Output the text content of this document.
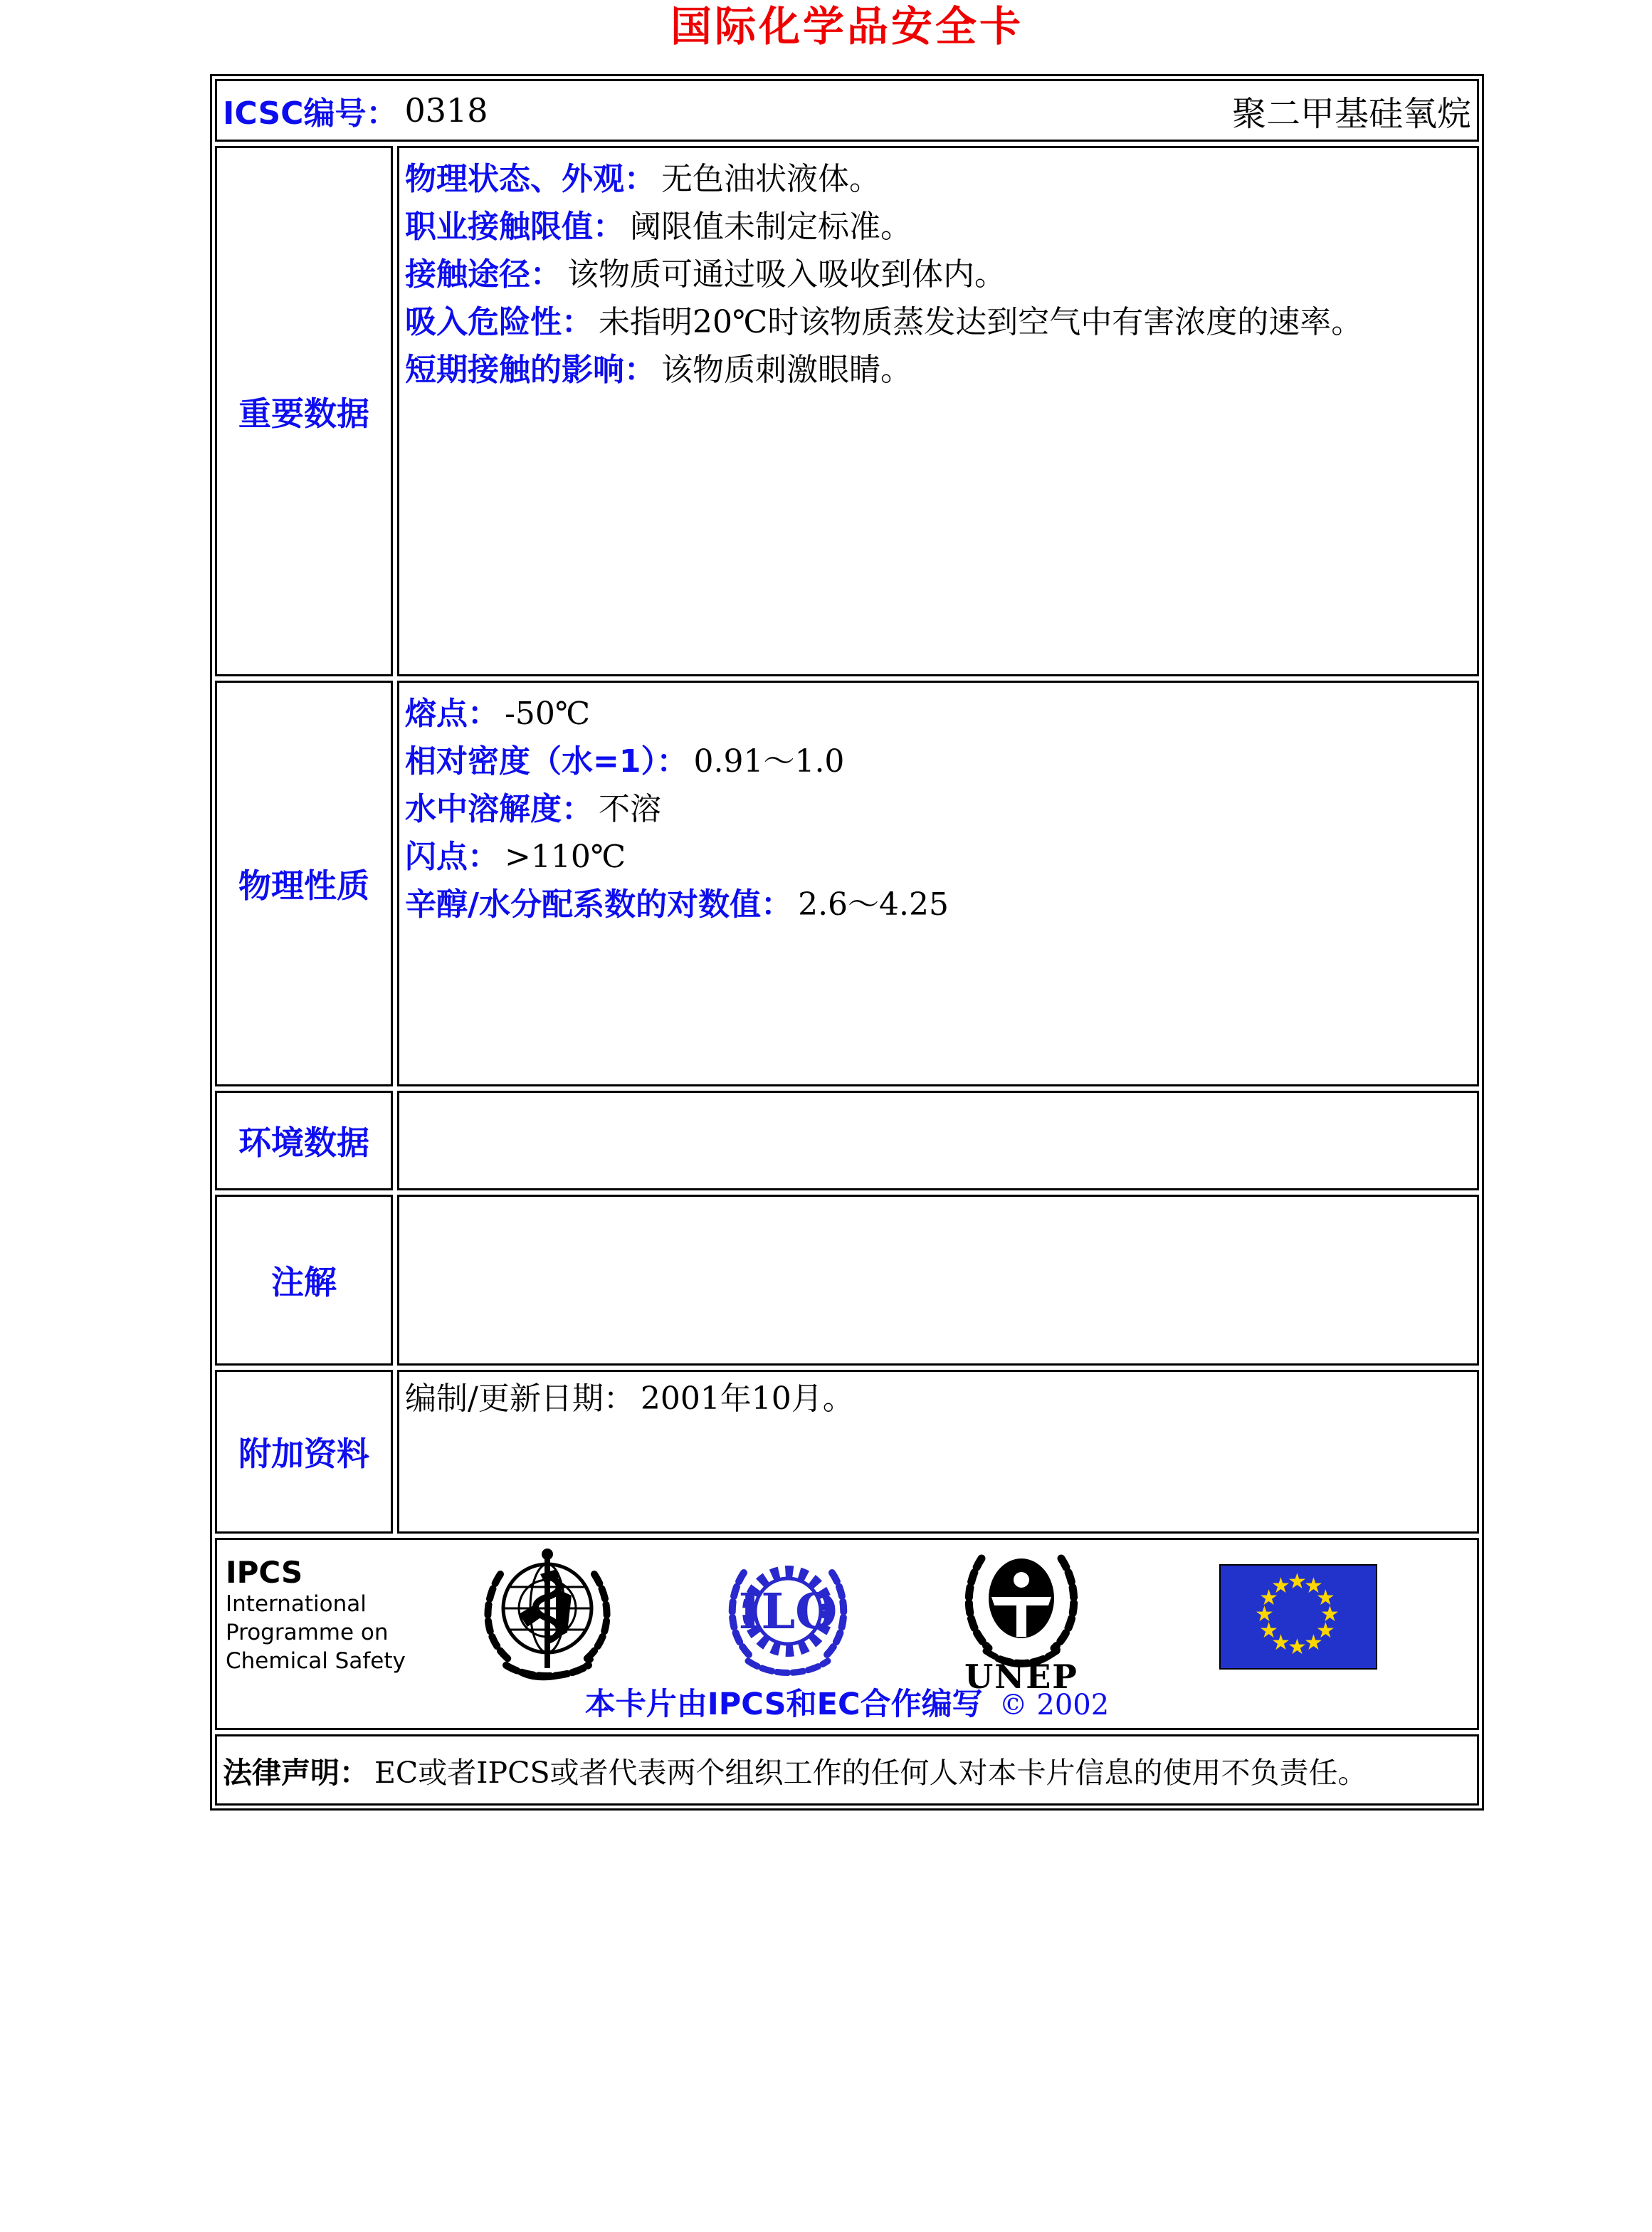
国际化学品安全卡
ICSC编号： 0318	聚二甲基硅氧烷
重要数据
物理状态、外观： 无色油状液体。
职业接触限值： 阈限值未制定标准。
接触途径： 该物质可通过吸入吸收到体内。
吸入危险性： 未指明20℃时该物质蒸发达到空气中有害浓度的速率。
短期接触的影响： 该物质刺激眼睛。
物理性质
熔点： -50℃
相对密度（水=1）： 0.91～1.0
水中溶解度： 不溶
闪点： >110℃
辛醇/水分配系数的对数值： 2.6～4.25
环境数据
注解
附加资料
编制/更新日期： 2001年10月。
IPCS
International
Programme on
Chemical Safety
ILO
UNEP
★
★
★
★
★
★
★
★
★
★
★
★
本卡片由IPCS和EC合作编写 © 2002
法律声明： EC或者IPCS或者代表两个组织工作的任何人对本卡片信息的使用不负责任。
